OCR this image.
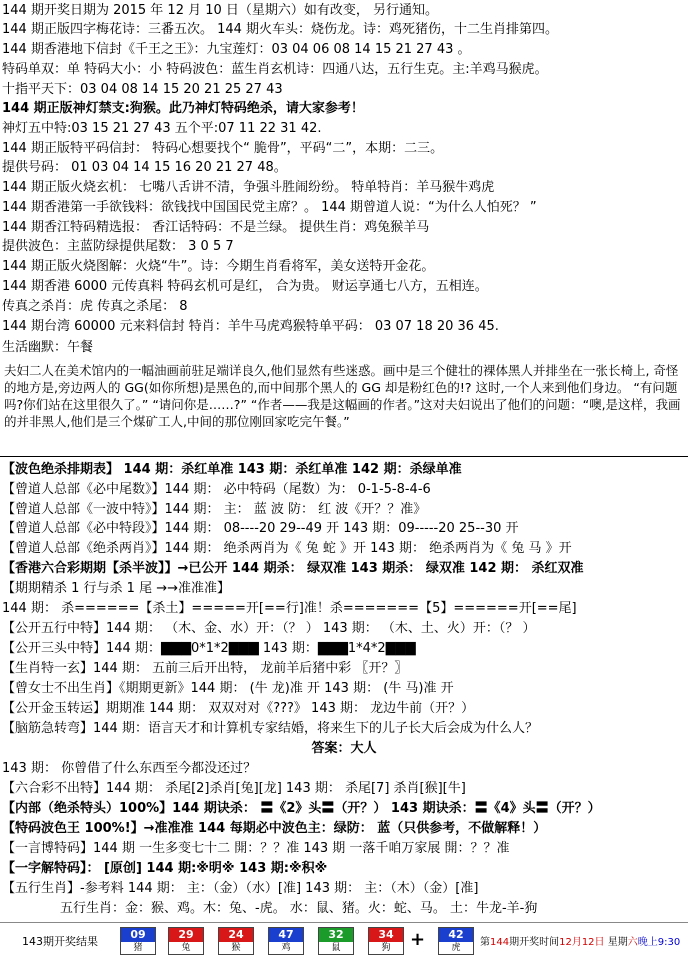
144 期开奖日期为 2015 年 12 月 10 日（星期六）如有改变， 另行通知。
144 期正版四字梅花诗：三番五次。 144 期火车头：烧伤龙。诗：鸡死猪伤，十二生肖排第四。
144 期香港地下信封《千王之王》：九宝莲灯：03 04 06 08 14 15 21 27 43 。
特码单双：单 特码大小：小 特码波色：蓝生肖玄机诗：四通八达，五行生克。主:羊鸡马猴虎。
十指平天下：03 04 08 14 15 20 21 25 27 43
144 期正版神灯禁支:狗猴。此乃神灯特码绝杀，请大家参考！
神灯五中特:03 15 21 27 43 五个平:07 11 22 31 42.
144 期正版特平码信封： 特码心想要找个“ 脆骨”，平码“二”，本期：二三。
提供号码： 01 03 04 14 15 16 20 21 27 48。
144 期正版火烧玄机： 七嘴八舌讲不清，争强斗胜闹纷纷。 特单特肖：羊马猴牛鸡虎
144 期香港第一手欲钱料：欲钱找中国国民党主席？。 144 期曾道人说：“为什么人怕死？ ”
144 期香江特码精选报： 香江话特码：不是兰绿。 提供生肖：鸡兔猴羊马
提供波色：主蓝防绿提供尾数： 3 0 5 7
144 期正版火烧图解：火烧“牛”。诗：今期生肖看将军，美女送特开金花。
144 期香港 6000 元传真料 特码玄机可是红， 合为贵。 财运享通七八方，五相连。
传真之杀肖：虎 传真之杀尾： 8
144 期台湾 60000 元来料信封 特肖：羊牛马虎鸡猴特单平码： 03 07 18 20 36 45.
生活幽默：午餐
夫妇二人在美术馆内的一幅油画前驻足端详良久,他们显然有些迷惑。画中是三个健壮的裸体黑人并排坐在一张长椅上, 奇怪的地方是,旁边两人的 GG(如你所想)是黑色的,而中间那个黑人的 GG 却是粉红色的!? 这时,一个人来到他们身边。 “有问题吗?你们站在这里很久了。” “请问你是……?” “作者——我是这幅画的作者。”这对夫妇说出了他们的问题：“噢,是这样，我画的并非黑人,他们是三个煤矿工人,中间的那位刚回家吃完午餐。”
【波色绝杀排期表】 144 期：杀红单准 143 期：杀红单准 142 期：杀绿单准
【曾道人总部《必中尾数》】144 期： 必中特码（尾数）为： 0-1-5-8-4-6
【曾道人总部《一波中特》】144 期： 主： 蓝 波 防： 红 波《开？？准》
【曾道人总部《必中特段》】144 期： 08----20 29--49 开 143 期：09-----20 25--30 开
【曾道人总部《绝杀两肖》】144 期： 绝杀两肖为《 兔 蛇 》开 143 期： 绝杀两肖为《 兔 马 》开
【香港六合彩期期【杀半波】】→已公开 144 期杀： 绿双准 143 期杀： 绿双准 142 期： 杀红双准
【期期精杀 1 行与杀 1 尾 →→准准准】
144 期： 杀======【杀土】=====开[==行]准！杀=======【5】======开[==尾]
【公开五行中特】144 期： （木、金、水）开：（？ ） 143 期： （木、土、火）开：（？ ）
【公开三头中特】144 期：▇▇▇0*1*2▇▇▇ 143 期：▇▇▇1*4*2▇▇▇
【生肖特一玄】144 期： 五前三后开出特， 龙前羊后猪中彩 〖开？〗
【曾女士不出生肖】《期期更新》144 期： (牛 龙)准 开 143 期： (牛 马)准 开
【公开金玉转运】期期准 144 期： 双双对对《???》 143 期： 龙边牛前（开？）
【脑筋急转弯】144 期：语言天才和计算机专家结婚，将来生下的儿子长大后会成为什么人？
答案：大人
143 期： 你曾借了什么东西至今都没还过？
【六合彩不出特】144 期： 杀尾[2]杀肖[兔][龙] 143 期： 杀尾[7] 杀肖[猴][牛]
【内部（绝杀特头）100%】144 期诀杀： 〓《2》头〓（开？） 143 期诀杀：〓《4》头〓（开？）
【特码波色王 100%!】→准准准 144 每期必中波色主：绿防： 蓝（只供参考，不做解释！）
【一言博特码】144 期 一生多变七十二 開：？？准 143 期 一落千咱万家展 開：？？准
【一字解特码】： [原创] 144 期:※明※ 143 期:※积※
【五行生肖】-参考料 144 期： 主：（金）（水）[准] 143 期： 主：（木）（金）[准]
五行生肖：金：猴、鸡。木：兔、-虎。 水：鼠、猪。火：蛇、马。 土：牛龙-羊-狗
143期开奖结果
09
猪
29
兔
24
猴
47
鸡
32
鼠
34
狗	+	42
虎	第144期开奖时间12月12日 星期六晚上9:30
